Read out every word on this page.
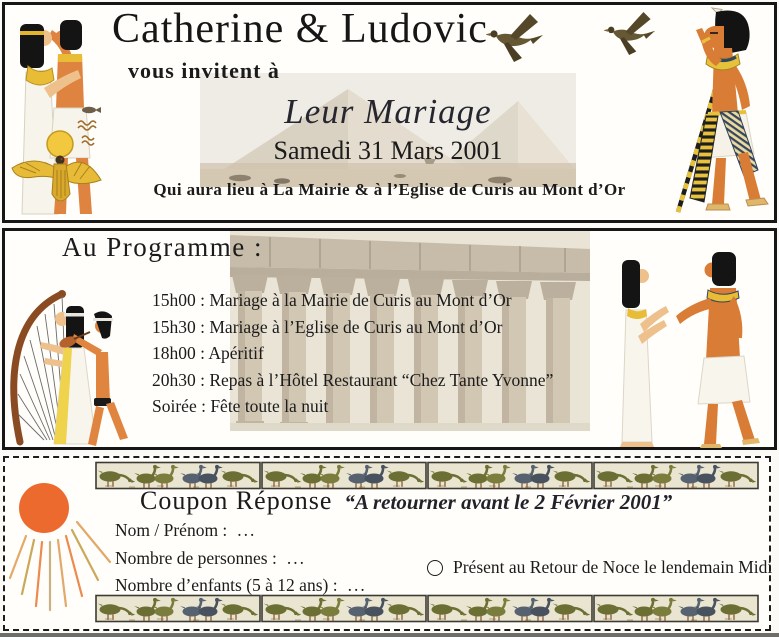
Catherine & Ludovic
vous invitent à
Leur Mariage
Samedi 31 Mars 2001
Qui aura lieu à La Mairie & à l’Eglise de Curis au Mont d’Or
Au Programme :
15h00 : Mariage à la Mairie de Curis au Mont d’Or
15h30 : Mariage à l’Eglise de Curis au Mont d’Or
18h00 : Apéritif
20h30 : Repas à l’Hôtel Restaurant “Chez Tante Yvonne”
Soirée : Fête toute la nuit
Coupon Réponse “A retourner avant le 2 Février 2001”
Nom / Prénom : ...
Nombre de personnes : ...
Nombre d’enfants (5 à 12 ans) : ...
Présent au Retour de Noce le lendemain Midi
